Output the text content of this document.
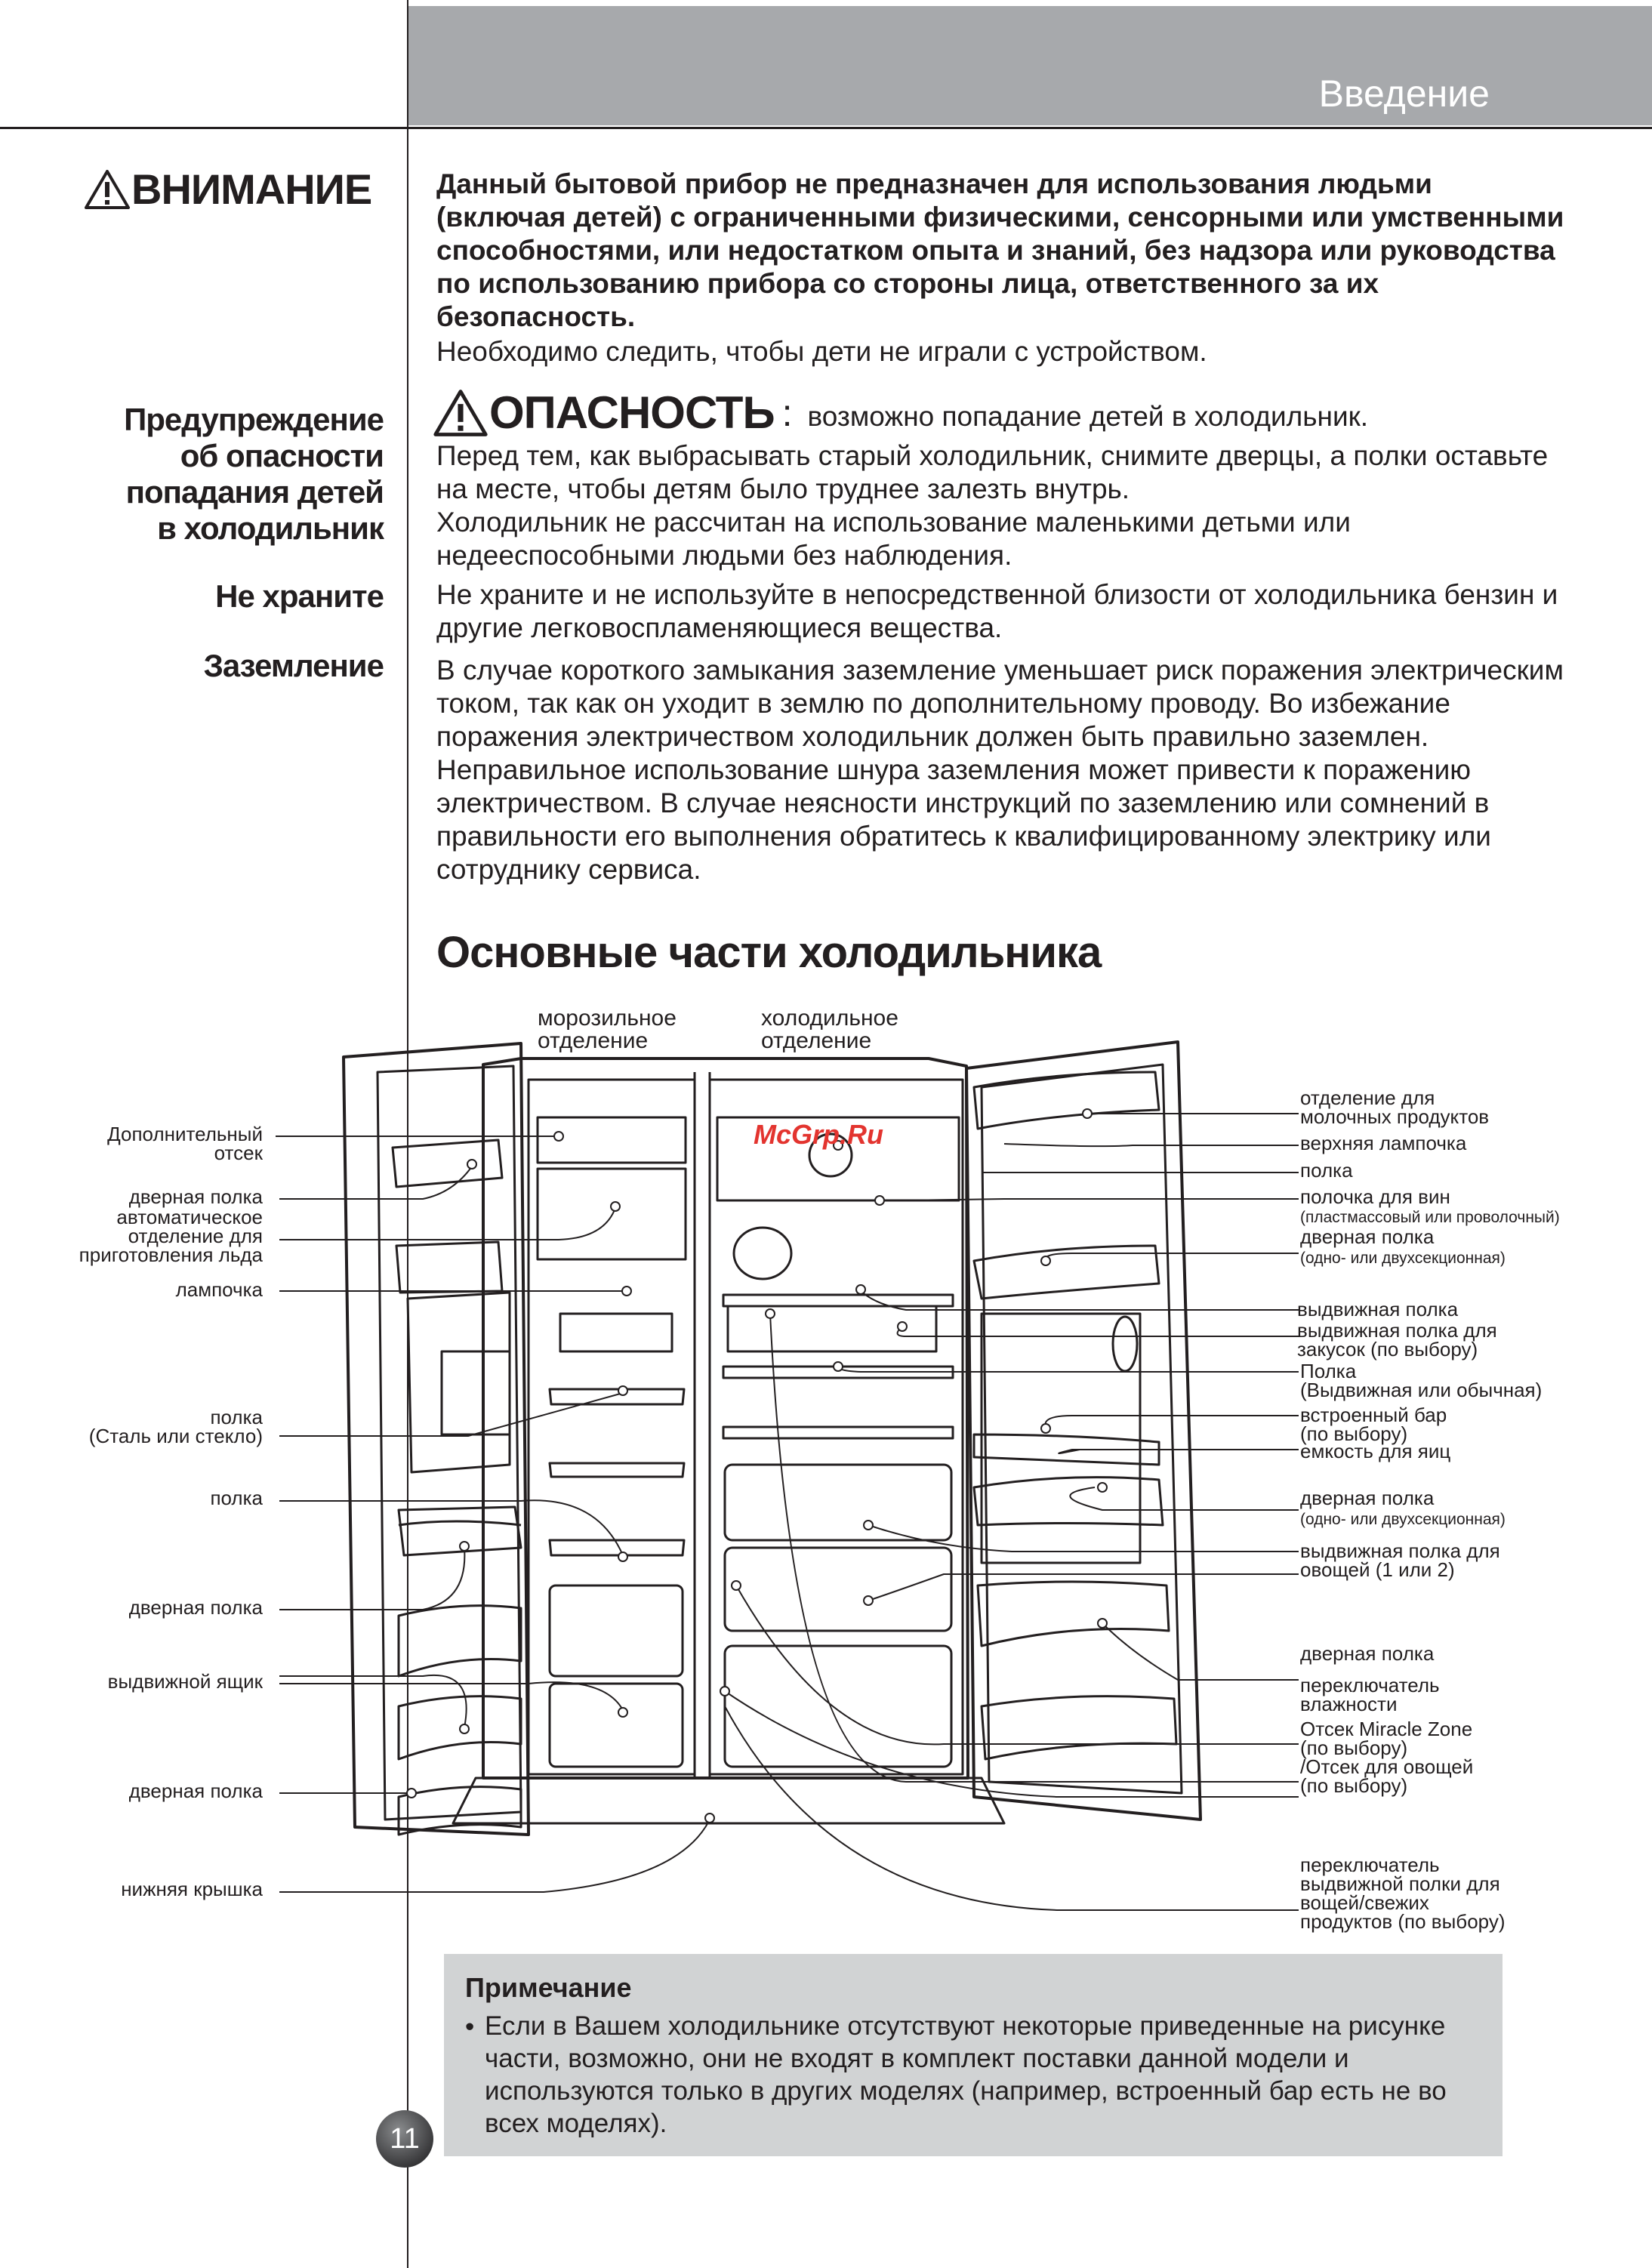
Введение
ВНИМАНИЕ Данный бытовой прибор не предназначен для использования людьми (включая детей) с ограниченными физическими, сенсорными или умственными способностями, или недостатком опыта и знаний, без надзора или руководства по использованию прибора со стороны лица, ответственного за их безопасность.
Необходимо следить, чтобы дети не играли с устройством.
Предупреждение
об опасности
попадания детей
в холодильник
ОПАСНОСТЬ : возможно попадание детей в холодильник.
Перед тем, как выбрасывать старый холодильник, снимите дверцы, а полки оставьте на месте, чтобы детям было труднее залезть внутрь.
Холодильник не рассчитан на использование маленькими детьми или недееспособными людьми без наблюдения.
Не храните Не храните и не используйте в непосредственной близости от холодильника бензин и другие легковоспламеняющиеся вещества.
Заземление В случае короткого замыкания заземление уменьшает риск поражения электрическим током, так как он уходит в землю по дополнительному проводу. Во избежание поражения электричеством холодильник должен быть правильно заземлен.
Неправильное использование шнура заземления может привести к поражению электричеством. В случае неясности инструкций по заземлению или сомнений в правильности его выполнения обратитесь к квалифицированному электрику или сотруднику сервиса.
Основные части холодильника
морозильное
отделение
холодильное
отделение
Дополнительный
отсек
дверная полка
автоматическое
отделение для
приготовления льда
лампочка
полка
(Сталь или стекло)
полка
дверная полка
выдвижной ящик
дверная полка
нижняя крышка
отделение для
молочных продуктов
верхняя лампочка
полка
полочка для вин
(пластмассовый или проволочный)
дверная полка
(одно- или двухсекционная)
выдвижная полка
выдвижная полка для
закусок (по выбору)
Полка
(Выдвижная или обычная)
встроенный бар
(по выбору)
емкость для яиц
дверная полка
(одно- или двухсекционная)
выдвижная полка для
овощей (1 или 2)
дверная полка
переключатель
влажности
Отсек Miracle Zone
(по выбору)
/Отсек для овощей
(по выбору)
переключатель
выдвижной полки для
вощей/свежих
продуктов (по выбору)
McGrp.Ru
Примечание
• Если в Вашем холодильнике отсутствуют некоторые приведенные на рисунке части, возможно, они не входят в комплект поставки данной модели и используются только в других моделях (например, встроенный бар есть не во всех моделях).
11
